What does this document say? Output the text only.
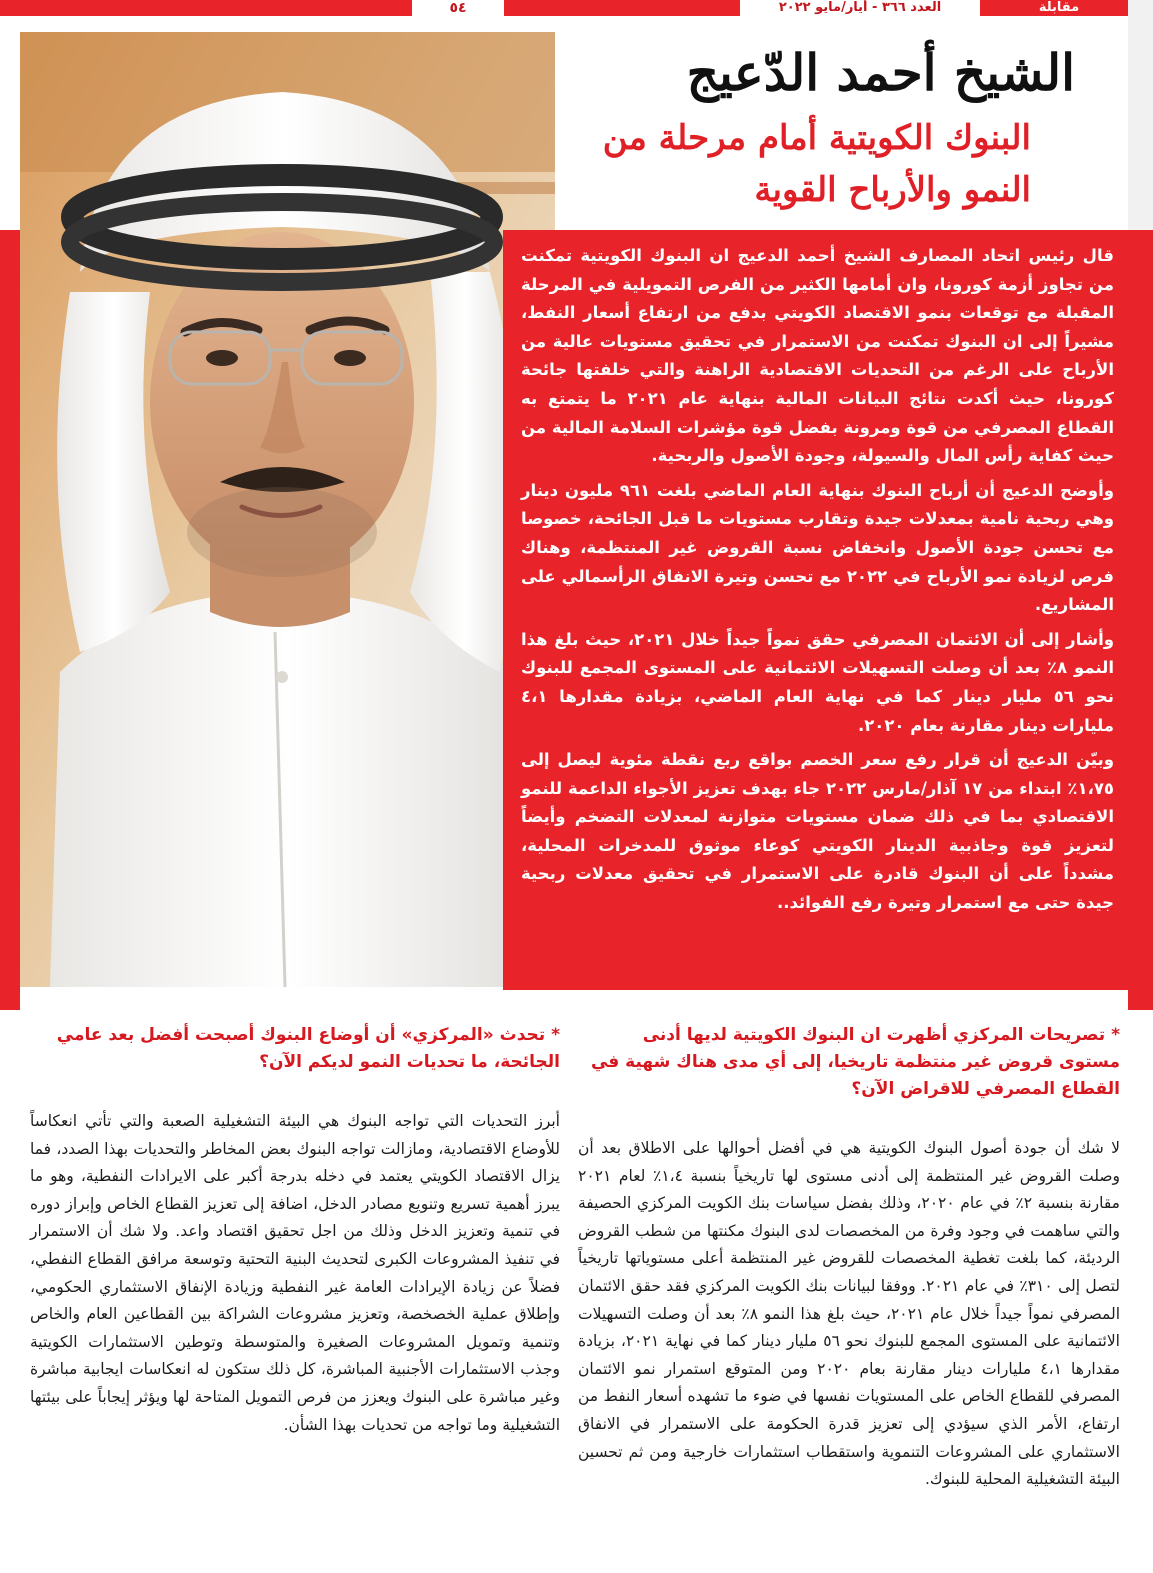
٥٤	العدد ٣٦٦ - أيار/مايو ٢٠٢٢	مقابلة
الشيخ أحمد الدّعيج
البنوك الكويتية أمام مرحلة من النمو والأرباح القوية

قال رئيس اتحاد المصارف الشيخ أحمد الدعيج ان البنوك الكويتية تمكنت من تجاوز أزمة كورونا، وان أمامها الكثير من الفرص التمويلية في المرحلة المقبلة مع توقعات بنمو الاقتصاد الكويتي بدفع من ارتفاع أسعار النفط، مشيراً إلى ان البنوك تمكنت من الاستمرار في تحقيق مستويات عالية من الأرباح على الرغم من التحديات الاقتصادية الراهنة والتي خلفتها جائحة كورونا، حيث أكدت نتائج البيانات المالية بنهاية عام ٢٠٢١ ما يتمتع به القطاع المصرفي من قوة ومرونة بفضل قوة مؤشرات السلامة المالية من حيث كفاية رأس المال والسيولة، وجودة الأصول والربحية.

وأوضح الدعيج أن أرباح البنوك بنهاية العام الماضي بلغت ٩٦١ مليون دينار وهي ربحية نامية بمعدلات جيدة وتقارب مستويات ما قبل الجائحة، خصوصا مع تحسن جودة الأصول وانخفاض نسبة القروض غير المنتظمة، وهناك فرص لزيادة نمو الأرباح في ٢٠٢٢ مع تحسن وتيرة الانفاق الرأسمالي على المشاريع.

وأشار إلى أن الائتمان المصرفي حقق نمواً جيداً خلال ٢٠٢١، حيث بلغ هذا النمو ٨٪ بعد أن وصلت التسهيلات الائتمانية على المستوى المجمع للبنوك نحو ٥٦ مليار دينار كما في نهاية العام الماضي، بزيادة مقدارها ٤،١ مليارات دينار مقارنة بعام ٢٠٢٠.

وبيّن الدعيج أن قرار رفع سعر الخصم بواقع ربع نقطة مئوية ليصل إلى ١،٧٥٪ ابتداء من ١٧ آذار/مارس ٢٠٢٢ جاء بهدف تعزيز الأجواء الداعمة للنمو الاقتصادي بما في ذلك ضمان مستويات متوازنة لمعدلات التضخم وأيضاً لتعزيز قوة وجاذبية الدينار الكويتي كوعاء موثوق للمدخرات المحلية، مشدداً على أن البنوك قادرة على الاستمرار في تحقيق معدلات ربحية جيدة حتى مع استمرار وتيرة رفع الفوائد..

* تصريحات المركزي أظهرت ان البنوك الكويتية لديها أدنى مستوى قروض غير منتظمة تاريخيا، إلى أي مدى هناك شهية في القطاع المصرفي للاقراض الآن؟

لا شك أن جودة أصول البنوك الكويتية هي في أفضل أحوالها على الاطلاق بعد أن وصلت القروض غير المنتظمة إلى أدنى مستوى لها تاريخياً بنسبة ١،٤٪ لعام ٢٠٢١ مقارنة بنسبة ٢٪ في عام ٢٠٢٠، وذلك بفضل سياسات بنك الكويت المركزي الحصيفة والتي ساهمت في وجود وفرة من المخصصات لدى البنوك مكنتها من شطب القروض الرديئة، كما بلغت تغطية المخصصات للقروض غير المنتظمة أعلى مستوياتها تاريخياً لتصل إلى ٣١٠٪ في عام ٢٠٢١. ووفقا لبيانات بنك الكويت المركزي فقد حقق الائتمان المصرفي نمواً جيداً خلال عام ٢٠٢١، حيث بلغ هذا النمو ٨٪ بعد أن وصلت التسهيلات الائتمانية على المستوى المجمع للبنوك نحو ٥٦ مليار دينار كما في نهاية ٢٠٢١، بزيادة مقدارها ٤،١ مليارات دينار مقارنة بعام ٢٠٢٠ ومن المتوقع استمرار نمو الائتمان المصرفي للقطاع الخاص على المستويات نفسها في ضوء ما تشهده أسعار النفط من ارتفاع، الأمر الذي سيؤدي إلى تعزيز قدرة الحكومة على الاستمرار في الانفاق الاستثماري على المشروعات التنموية واستقطاب استثمارات خارجية ومن ثم تحسين البيئة التشغيلية المحلية للبنوك.

* تحدث «المركزي» أن أوضاع البنوك أصبحت أفضل بعد عامي الجائحة، ما تحديات النمو لديكم الآن؟

أبرز التحديات التي تواجه البنوك هي البيئة التشغيلية الصعبة والتي تأتي انعكاساً للأوضاع الاقتصادية، ومازالت تواجه البنوك بعض المخاطر والتحديات بهذا الصدد، فما يزال الاقتصاد الكويتي يعتمد في دخله بدرجة أكبر على الايرادات النفطية، وهو ما يبرز أهمية تسريع وتنويع مصادر الدخل، اضافة إلى تعزيز القطاع الخاص وإبراز دوره في تنمية وتعزيز الدخل وذلك من اجل تحقيق اقتصاد واعد. ولا شك أن الاستمرار في تنفيذ المشروعات الكبرى لتحديث البنية التحتية وتوسعة مرافق القطاع النفطي، فضلاً عن زيادة الإيرادات العامة غير النفطية وزيادة الإنفاق الاستثماري الحكومي، وإطلاق عملية الخصخصة، وتعزيز مشروعات الشراكة بين القطاعين العام والخاص وتنمية وتمويل المشروعات الصغيرة والمتوسطة وتوطين الاستثمارات الكويتية وجذب الاستثمارات الأجنبية المباشرة، كل ذلك ستكون له انعكاسات ايجابية مباشرة وغير مباشرة على البنوك ويعزز من فرص التمويل المتاحة لها ويؤثر إيجاباً على بيئتها التشغيلية وما تواجه من تحديات بهذا الشأن.
